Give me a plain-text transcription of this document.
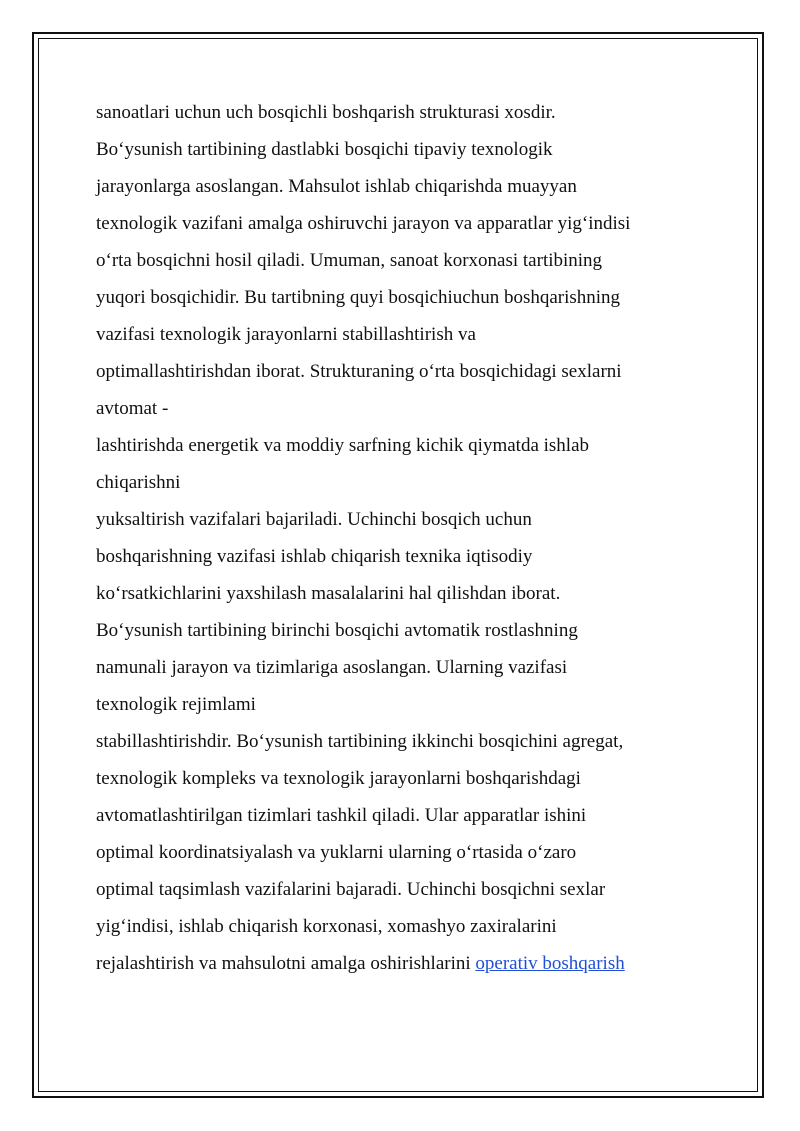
sanoatlari uchun uch bosqichli boshqarish strukturasi xosdir.
Bo‘ysunish tartibining dastlabki bosqichi tipaviy texnologik
jarayonlarga asoslangan. Mahsulot ishlab chiqarishda muayyan
texnologik vazifani amalga oshiruvchi jarayon va apparatlar yig‘indisi
o‘rta bosqichni hosil qiladi. Umuman, sanoat korxonasi tartibining
yuqori bosqichidir. Bu tartibning quyi bosqichiuchun boshqarishning
vazifasi texnologik jarayonlarni stabillashtirish va
optimallashtirishdan iborat. Strukturaning o‘rta bosqichidagi sexlarni
avtomat -
lashtirishda energetik va moddiy sarfning kichik qiymatda ishlab
chiqarishni
yuksaltirish vazifalari bajariladi. Uchinchi bosqich uchun
boshqarishning vazifasi ishlab chiqarish texnika iqtisodiy
ko‘rsatkichlarini yaxshilash masalalarini hal qilishdan iborat.
Bo‘ysunish tartibining birinchi bosqichi avtomatik rostlashning
namunali jarayon va tizimlariga asoslangan. Ularning vazifasi
texnologik rejimlami
stabillashtirishdir. Bo‘ysunish tartibining ikkinchi bosqichini agregat,
texnologik kompleks va texnologik jarayonlarni boshqarishdagi
avtomatlashtirilgan tizimlari tashkil qiladi. Ular apparatlar ishini
optimal koordinatsiyalash va yuklarni ularning o‘rtasida o‘zaro
optimal taqsimlash vazifalarini bajaradi. Uchinchi bosqichni sexlar
yig‘indisi, ishlab chiqarish korxonasi, xomashyo zaxiralarini
rejalashtirish va mahsulotni amalga oshirishlarini operativ boshqarish
